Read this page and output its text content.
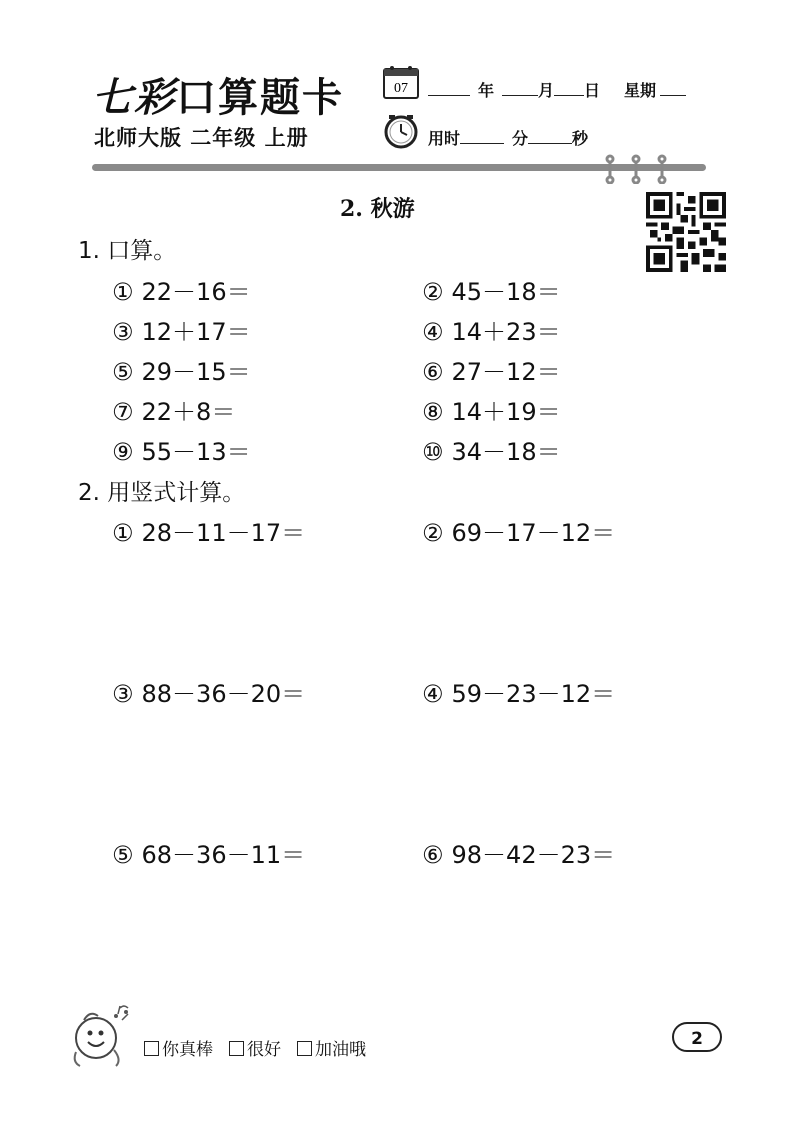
七彩口算题卡
北师大版 二年级 上册
07	年	月 日 星期
用时	分	秒
2. 秋游
1. 口算。
① 22－16＝	② 45－18＝
③ 12＋17＝	④ 14＋23＝
⑤ 29－15＝	⑥ 27－12＝
⑦ 22＋8＝	⑧ 14＋19＝
⑨ 55－13＝	⑩ 34－18＝
2. 用竖式计算。
① 28－11－17＝	② 69－17－12＝
③ 88－36－20＝	④ 59－23－12＝
⑤ 68－36－11＝	⑥ 98－42－23＝
你真棒 很好 加油哦
2
